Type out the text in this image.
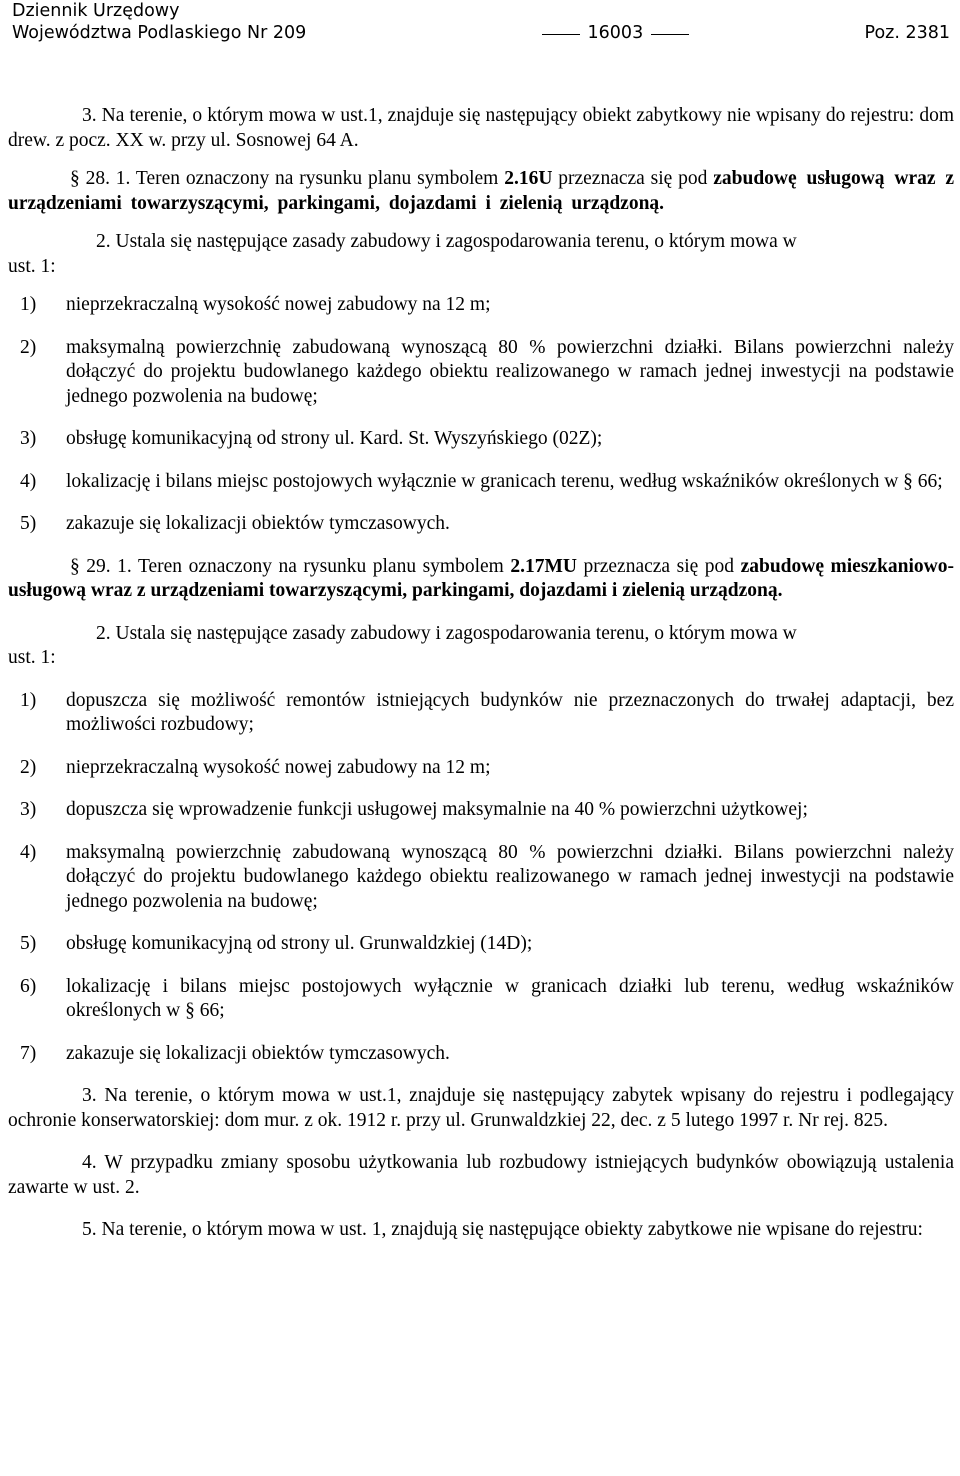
Dziennik Urzędowy
Województwa Podlaskiego Nr 209	16003	Poz. 2381

3. Na terenie, o którym mowa w ust.1, znajduje się następujący obiekt zabytkowy nie wpisany do rejestru: dom drew. z pocz. XX w. przy ul. Sosnowej 64 A.

§ 28. 1. Teren oznaczony na rysunku planu symbolem 2.16U przeznacza się pod zabudowę usługową wraz z urządzeniami towarzyszącymi, parkingami, dojazdami i zielenią urządzoną.

2. Ustala się następujące zasady zabudowy i zagospodarowania terenu, o którym mowa w
ust. 1:

1)	nieprzekraczalną wysokość nowej zabudowy na 12 m;
2)	maksymalną powierzchnię zabudowaną wynoszącą 80 % powierzchni działki. Bilans powierzchni należy dołączyć do projektu budowlanego każdego obiektu realizowanego w ramach jednej inwestycji na podstawie jednego pozwolenia na budowę;
3)	obsługę komunikacyjną od strony ul. Kard. St. Wyszyńskiego (02Z);
4)	lokalizację i bilans miejsc postojowych wyłącznie w granicach terenu, według wskaźników określonych w § 66;
5)	zakazuje się lokalizacji obiektów tymczasowych.

§ 29. 1. Teren oznaczony na rysunku planu symbolem 2.17MU przeznacza się pod zabudowę mieszkaniowo-usługową wraz z urządzeniami towarzyszącymi, parkingami, dojazdami i zielenią urządzoną.

2. Ustala się następujące zasady zabudowy i zagospodarowania terenu, o którym mowa w
ust. 1:

1)	dopuszcza się możliwość remontów istniejących budynków nie przeznaczonych do trwałej adaptacji, bez możliwości rozbudowy;
2)	nieprzekraczalną wysokość nowej zabudowy na 12 m;
3)	dopuszcza się wprowadzenie funkcji usługowej maksymalnie na 40 % powierzchni użytkowej;
4)	maksymalną powierzchnię zabudowaną wynoszącą 80 % powierzchni działki. Bilans powierzchni należy dołączyć do projektu budowlanego każdego obiektu realizowanego w ramach jednej inwestycji na podstawie jednego pozwolenia na budowę;
5)	obsługę komunikacyjną od strony ul. Grunwaldzkiej (14D);
6)	lokalizację i bilans miejsc postojowych wyłącznie w granicach działki lub terenu, według wskaźników określonych w § 66;
7)	zakazuje się lokalizacji obiektów tymczasowych.

3. Na terenie, o którym mowa w ust.1, znajduje się następujący zabytek wpisany do rejestru i podlegający ochronie konserwatorskiej: dom mur. z ok. 1912 r. przy ul. Grunwaldzkiej 22, dec. z 5 lutego 1997 r. Nr rej. 825.

4. W przypadku zmiany sposobu użytkowania lub rozbudowy istniejących budynków obowiązują ustalenia zawarte w ust. 2.

5. Na terenie, o którym mowa w ust. 1, znajdują się następujące obiekty zabytkowe nie wpisane do rejestru:
